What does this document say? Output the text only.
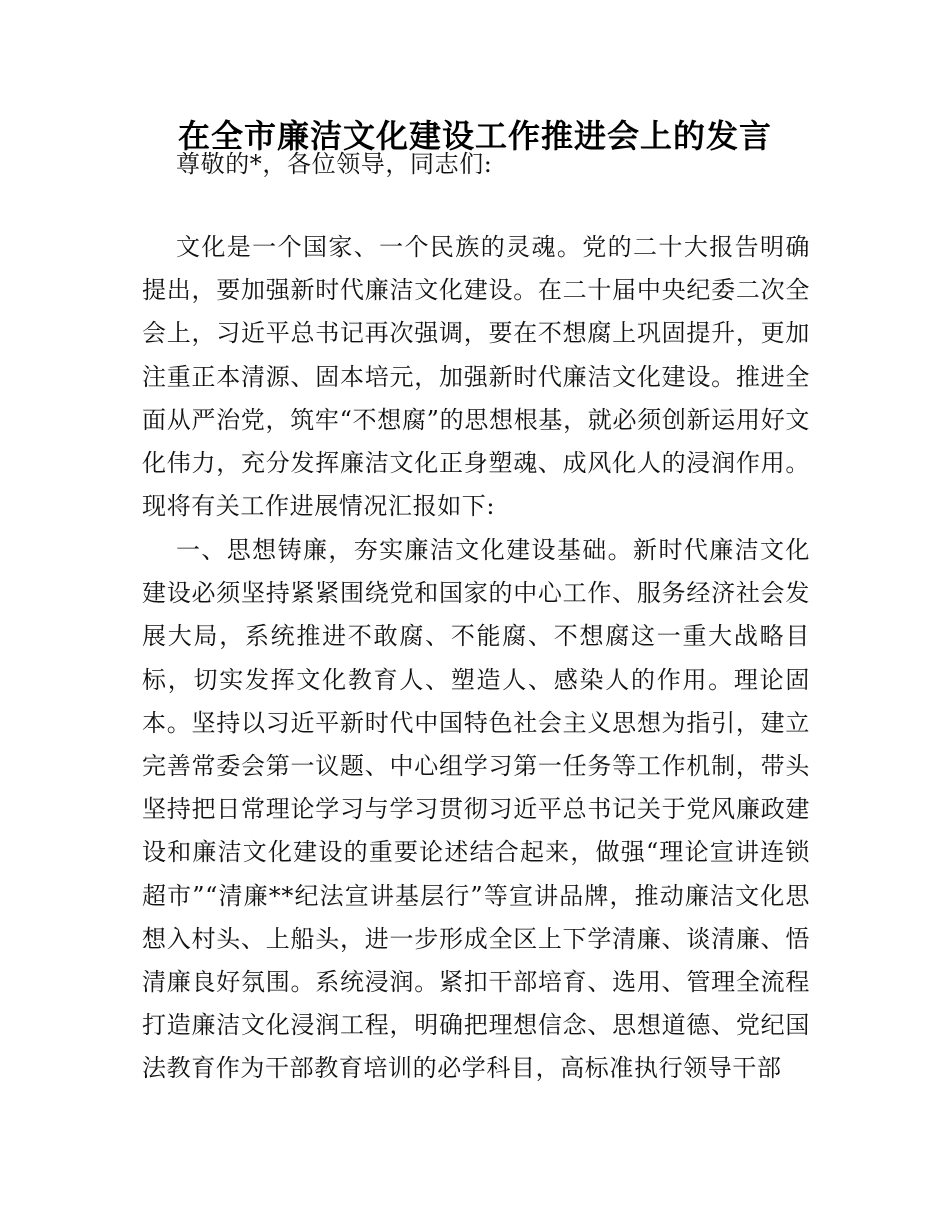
在全市廉洁文化建设工作推进会上的发言

尊敬的*，各位领导，同志们:

文化是一个国家、一个民族的灵魂。党的二十大报告明确提出，要加强新时代廉洁文化建设。在二十届中央纪委二次全会上，习近平总书记再次强调，要在不想腐上巩固提升，更加注重正本清源、固本培元，加强新时代廉洁文化建设。推进全面从严治党，筑牢“不想腐”的思想根基，就必须创新运用好文化伟力，充分发挥廉洁文化正身塑魂、成风化人的浸润作用。现将有关工作进展情况汇报如下:

一、思想铸廉，夯实廉洁文化建设基础。新时代廉洁文化建设必须坚持紧紧围绕党和国家的中心工作、服务经济社会发展大局，系统推进不敢腐、不能腐、不想腐这一重大战略目标，切实发挥文化教育人、塑造人、感染人的作用。理论固本。坚持以习近平新时代中国特色社会主义思想为指引，建立完善常委会第一议题、中心组学习第一任务等工作机制，带头坚持把日常理论学习与学习贯彻习近平总书记关于党风廉政建设和廉洁文化建设的重要论述结合起来，做强“理论宣讲连锁超市”“清廉**纪法宣讲基层行”等宣讲品牌，推动廉洁文化思想入村头、上船头，进一步形成全区上下学清廉、谈清廉、悟清廉良好氛围。系统浸润。紧扣干部培育、选用、管理全流程打造廉洁文化浸润工程，明确把理想信念、思想道德、党纪国法教育作为干部教育培训的必学科目，高标准执行领导干部
